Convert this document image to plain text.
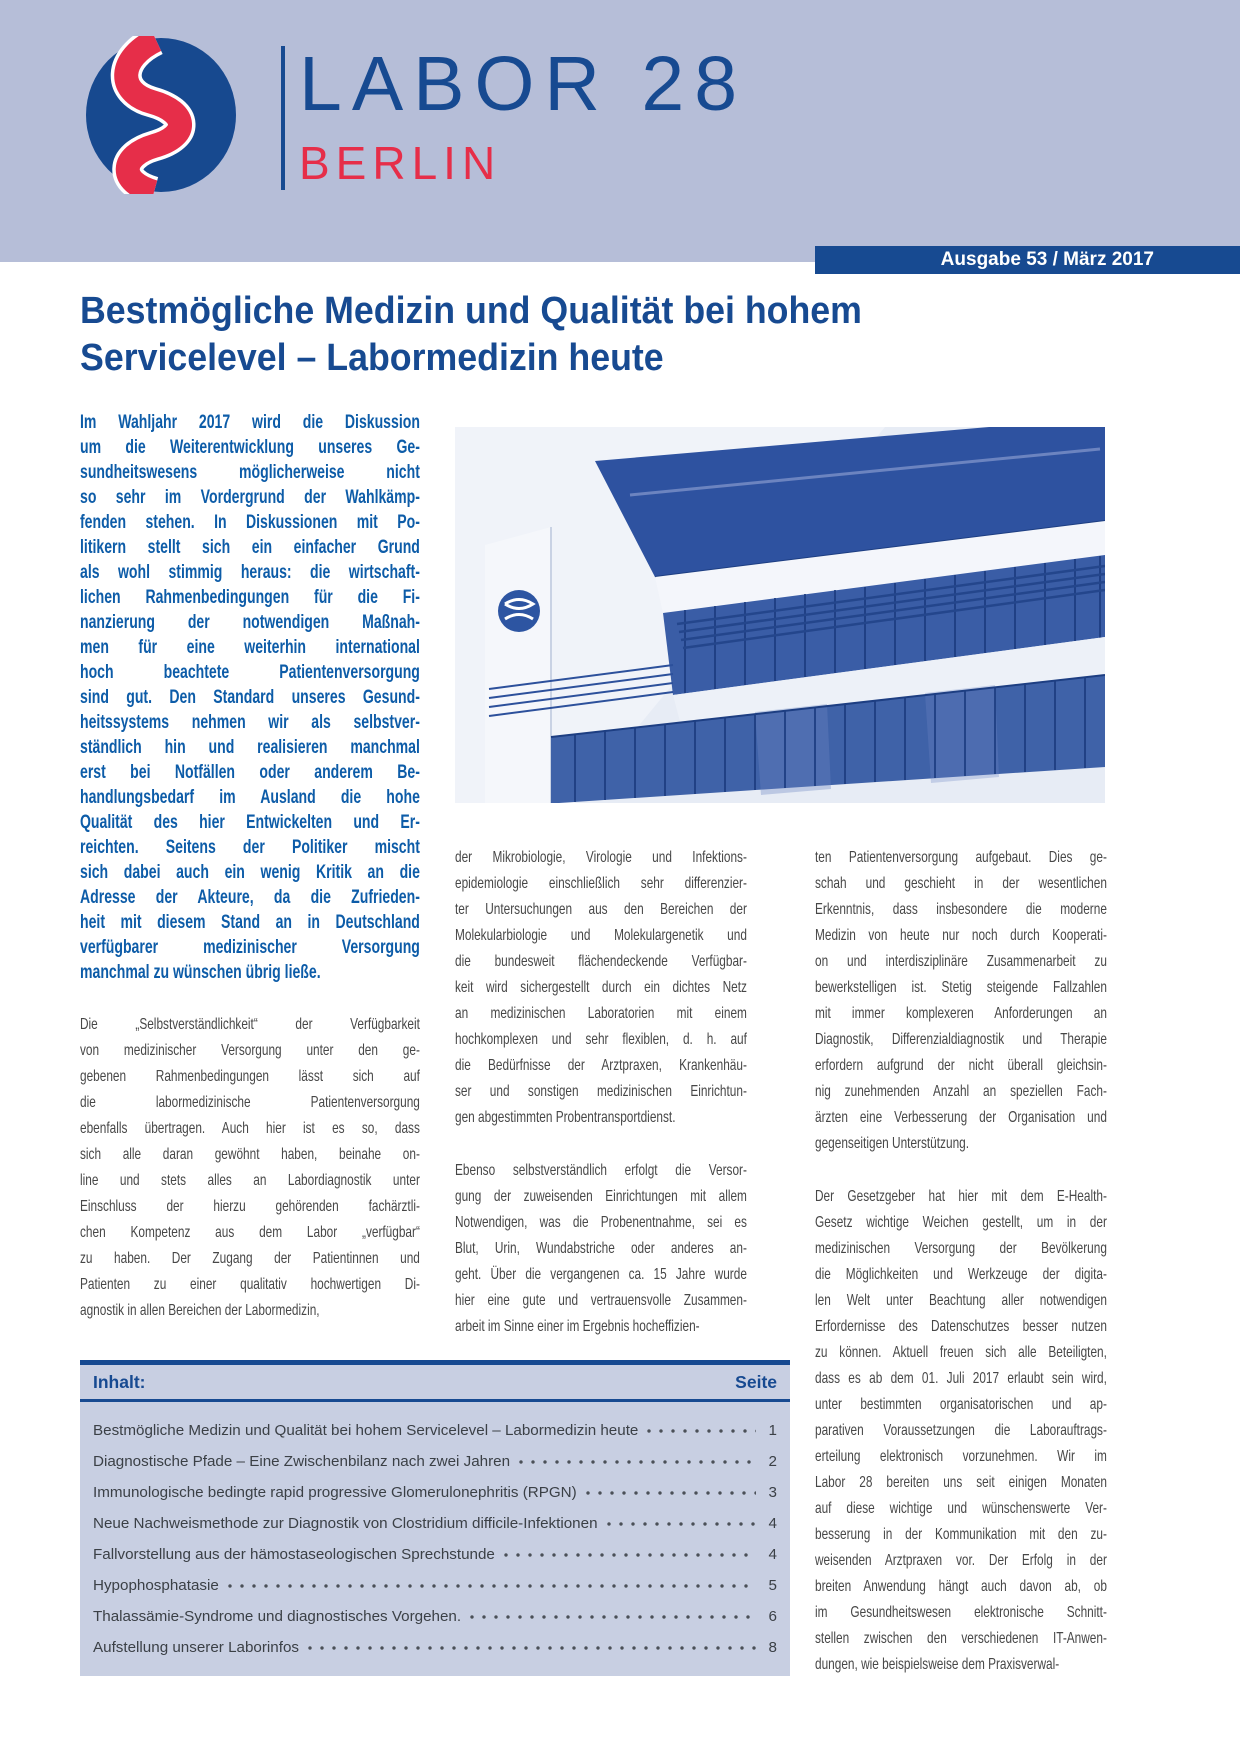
LABOR 28
BERLIN
Ausgabe 53 / März 2017
Bestmögliche Medizin und Qualität bei hohem
Servicelevel – Labormedizin heute
Im Wahljahr 2017 wird die Diskussion
um die Weiterentwicklung unseres Ge-
sundheitswesens möglicherweise nicht
so sehr im Vordergrund der Wahlkämp-
fenden stehen. In Diskussionen mit Po-
litikern stellt sich ein einfacher Grund
als wohl stimmig heraus: die wirtschaft-
lichen Rahmenbedingungen für die Fi-
nanzierung der notwendigen Maßnah-
men für eine weiterhin international
hoch beachtete Patientenversorgung
sind gut. Den Standard unseres Gesund-
heitssystems nehmen wir als selbstver-
ständlich hin und realisieren manchmal
erst bei Notfällen oder anderem Be-
handlungsbedarf im Ausland die hohe
Qualität des hier Entwickelten und Er-
reichten. Seitens der Politiker mischt
sich dabei auch ein wenig Kritik an die
Adresse der Akteure, da die Zufrieden-
heit mit diesem Stand an in Deutschland
verfügbarer medizinischer Versorgung
manchmal zu wünschen übrig ließe.
Die „Selbstverständlichkeit“ der Verfügbarkeit
von medizinischer Versorgung unter den ge-
gebenen Rahmenbedingungen lässt sich auf
die labormedizinische Patientenversorgung
ebenfalls übertragen. Auch hier ist es so, dass
sich alle daran gewöhnt haben, beinahe on-
line und stets alles an Labordiagnostik unter
Einschluss der hierzu gehörenden fachärztli-
chen Kompetenz aus dem Labor „verfügbar“
zu haben. Der Zugang der Patientinnen und
Patienten zu einer qualitativ hochwertigen Di-
agnostik in allen Bereichen der Labormedizin,
der Mikrobiologie, Virologie und Infektions-
epidemiologie einschließlich sehr differenzier-
ter Untersuchungen aus den Bereichen der
Molekularbiologie und Molekulargenetik und
die bundesweit flächendeckende Verfügbar-
keit wird sichergestellt durch ein dichtes Netz
an medizinischen Laboratorien mit einem
hochkomplexen und sehr flexiblen, d. h. auf
die Bedürfnisse der Arztpraxen, Krankenhäu-
ser und sonstigen medizinischen Einrichtun-
gen abgestimmten Probentransportdienst.
Ebenso selbstverständlich erfolgt die Versor-
gung der zuweisenden Einrichtungen mit allem
Notwendigen, was die Probenentnahme, sei es
Blut, Urin, Wundabstriche oder anderes an-
geht. Über die vergangenen ca. 15 Jahre wurde
hier eine gute und vertrauensvolle Zusammen-
arbeit im Sinne einer im Ergebnis hocheffizien-
ten Patientenversorgung aufgebaut. Dies ge-
schah und geschieht in der wesentlichen
Erkenntnis, dass insbesondere die moderne
Medizin von heute nur noch durch Kooperati-
on und interdisziplinäre Zusammenarbeit zu
bewerkstelligen ist. Stetig steigende Fallzahlen
mit immer komplexeren Anforderungen an
Diagnostik, Differenzialdiagnostik und Therapie
erfordern aufgrund der nicht überall gleichsin-
nig zunehmenden Anzahl an speziellen Fach-
ärzten eine Verbesserung der Organisation und
gegenseitigen Unterstützung.
Der Gesetzgeber hat hier mit dem E-Health-
Gesetz wichtige Weichen gestellt, um in der
medizinischen Versorgung der Bevölkerung
die Möglichkeiten und Werkzeuge der digita-
len Welt unter Beachtung aller notwendigen
Erfordernisse des Datenschutzes besser nutzen
zu können. Aktuell freuen sich alle Beteiligten,
dass es ab dem 01. Juli 2017 erlaubt sein wird,
unter bestimmten organisatorischen und ap-
parativen Voraussetzungen die Laborauftrags-
erteilung elektronisch vorzunehmen. Wir im
Labor 28 bereiten uns seit einigen Monaten
auf diese wichtige und wünschenswerte Ver-
besserung in der Kommunikation mit den zu-
weisenden Arztpraxen vor. Der Erfolg in der
breiten Anwendung hängt auch davon ab, ob
im Gesundheitswesen elektronische Schnitt-
stellen zwischen den verschiedenen IT-Anwen-
dungen, wie beispielsweise dem Praxisverwal-
Inhalt:	Seite
Bestmögliche Medizin und Qualität bei hohem Servicelevel – Labormedizin heute	1
Diagnostische Pfade – Eine Zwischenbilanz nach zwei Jahren	2
Immunologische bedingte rapid progressive Glomerulonephritis (RPGN)	3
Neue Nachweismethode zur Diagnostik von Clostridium difficile-Infektionen	4
Fallvorstellung aus der hämostaseologischen Sprechstunde	4
Hypophosphatasie	5
Thalassämie-Syndrome und diagnostisches Vorgehen.	6
Aufstellung unserer Laborinfos	8
